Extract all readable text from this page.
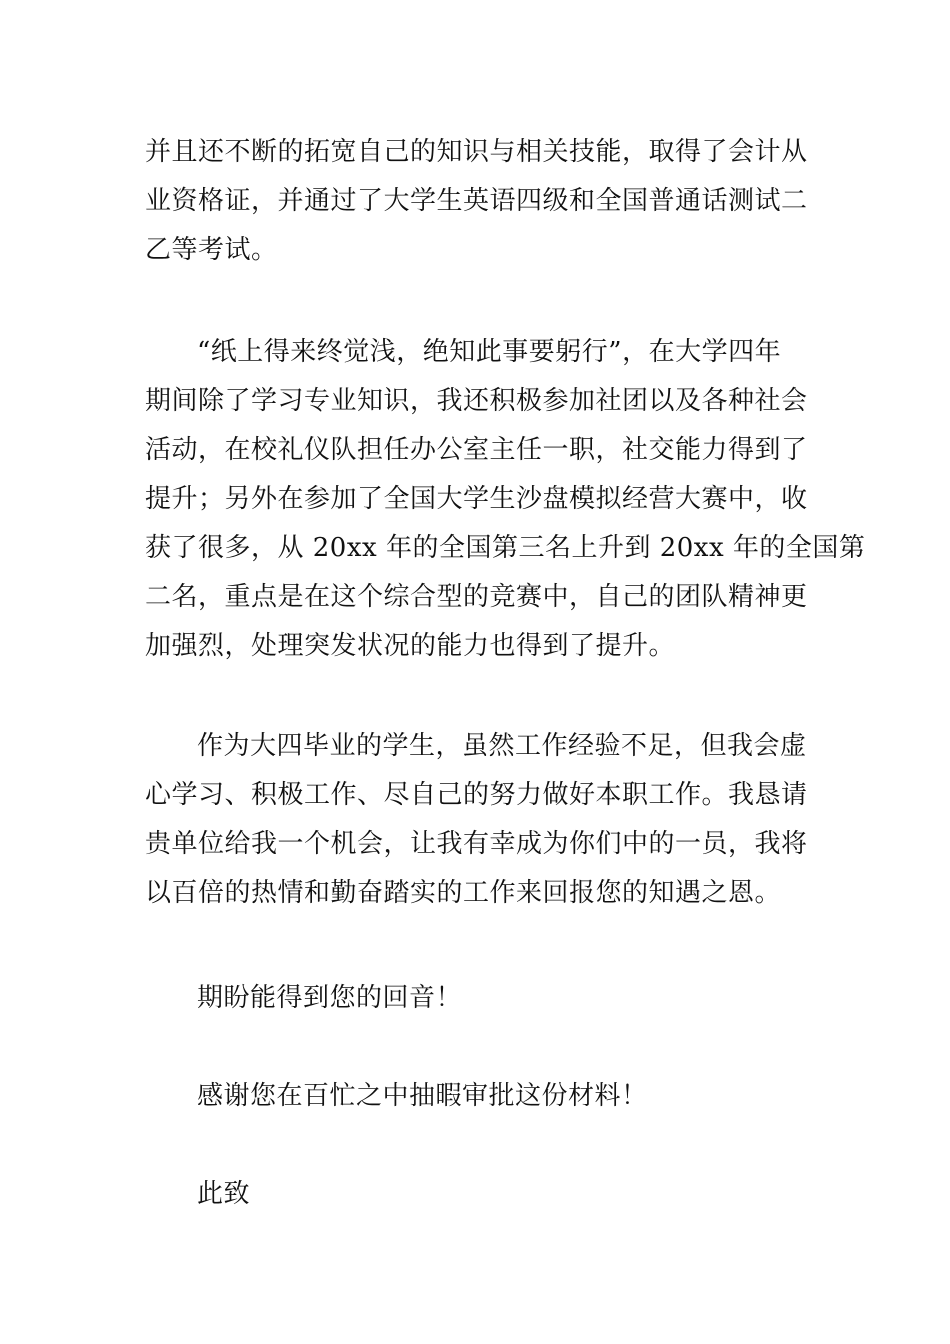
并且还不断的拓宽自己的知识与相关技能，取得了会计从
业资格证，并通过了大学生英语四级和全国普通话测试二
乙等考试。

“纸上得来终觉浅，绝知此事要躬行”，在大学四年
期间除了学习专业知识，我还积极参加社团以及各种社会
活动，在校礼仪队担任办公室主任一职，社交能力得到了
提升；另外在参加了全国大学生沙盘模拟经营大赛中，收
获了很多，从 20xx 年的全国第三名上升到 20xx 年的全国第
二名，重点是在这个综合型的竞赛中，自己的团队精神更
加强烈，处理突发状况的能力也得到了提升。

作为大四毕业的学生，虽然工作经验不足，但我会虚
心学习、积极工作、尽自己的努力做好本职工作。我恳请
贵单位给我一个机会，让我有幸成为你们中的一员，我将
以百倍的热情和勤奋踏实的工作来回报您的知遇之恩。

期盼能得到您的回音！

感谢您在百忙之中抽暇审批这份材料！

此致
